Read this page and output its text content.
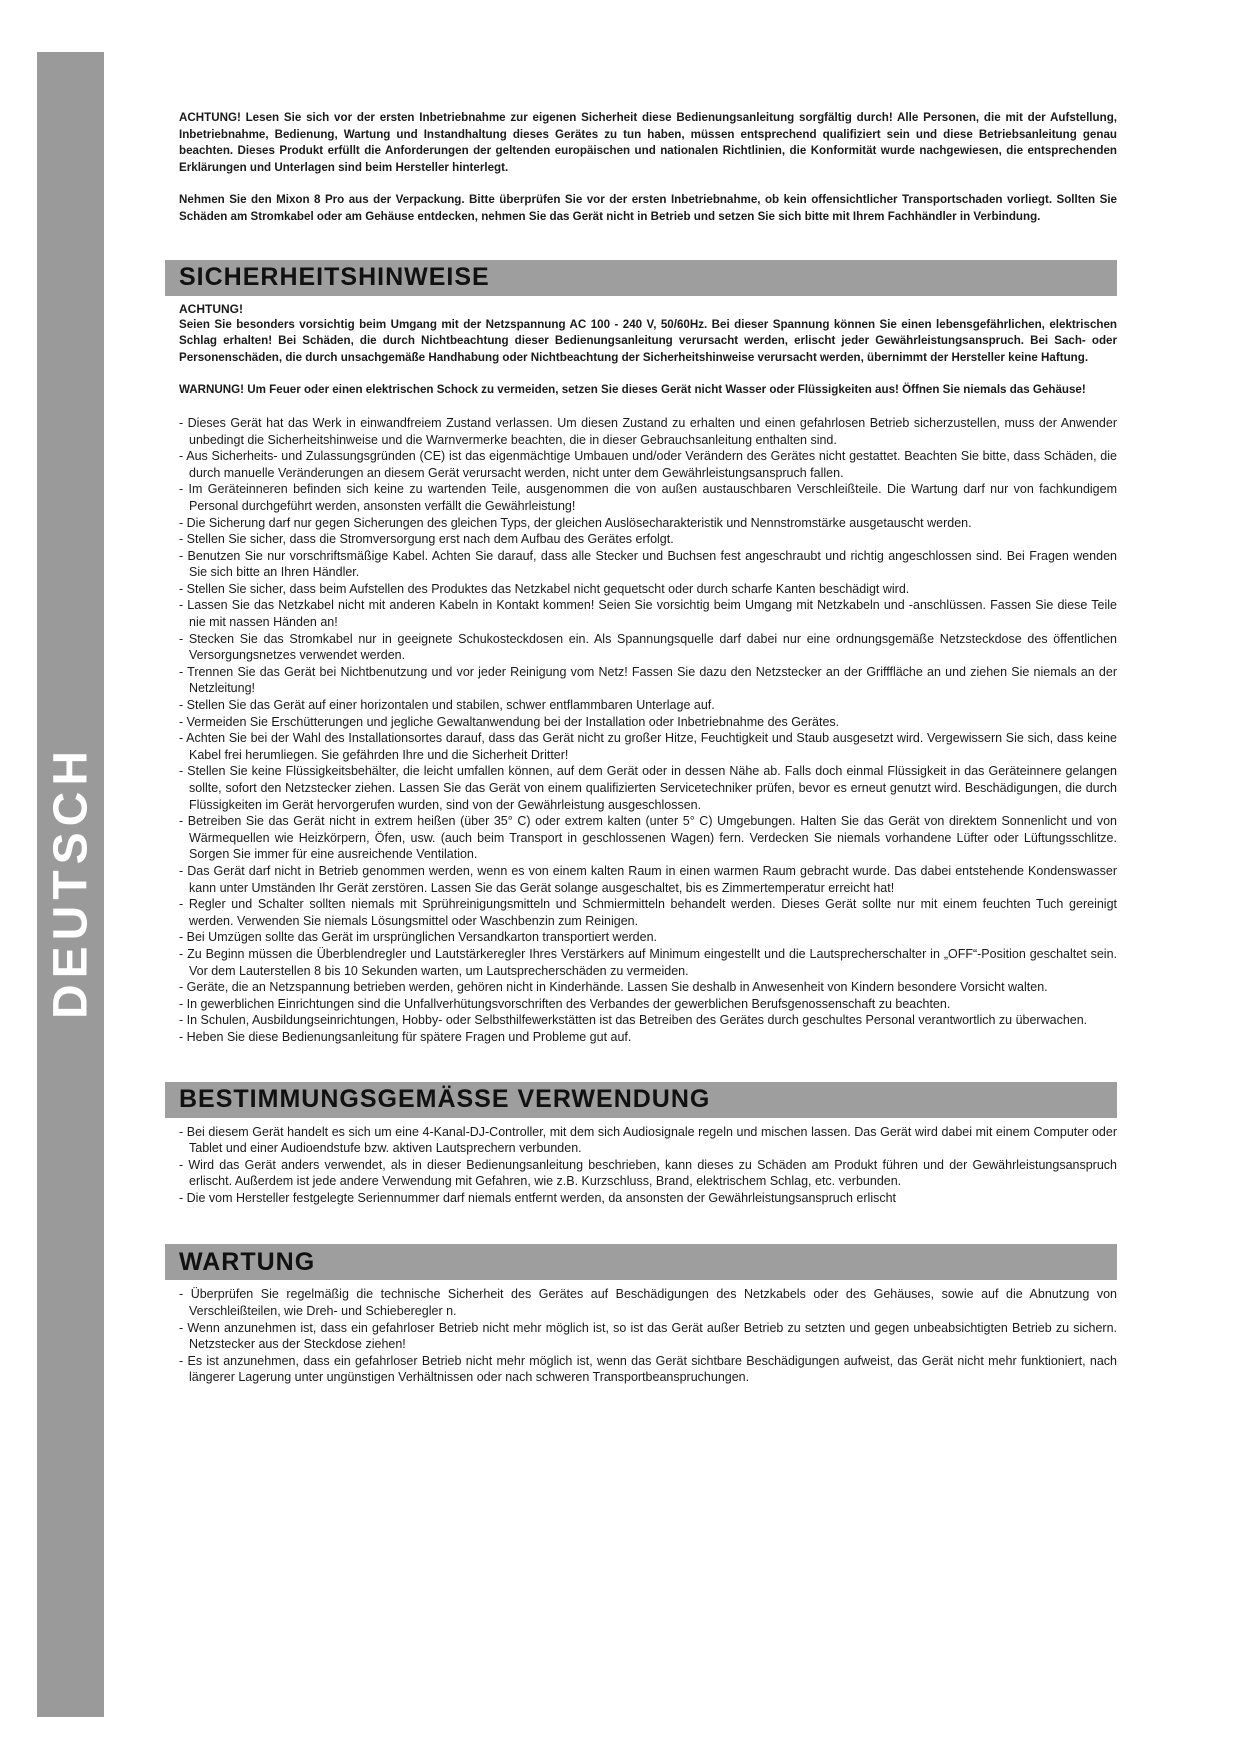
14
DEUTSCH

ACHTUNG! Lesen Sie sich vor der ersten Inbetriebnahme zur eigenen Sicherheit diese Bedienungsanleitung sorgfältig durch! Alle Personen, die mit der Aufstellung, Inbetriebnahme, Bedienung, Wartung und Instandhaltung dieses Gerätes zu tun haben, müssen entsprechend qualifiziert sein und diese Betriebsanleitung genau beachten. Dieses Produkt erfüllt die Anforderungen der geltenden europäischen und nationalen Richtlinien, die Konformität wurde nachgewiesen, die entsprechenden Erklärungen und Unterlagen sind beim Hersteller hinterlegt.

Nehmen Sie den Mixon 8 Pro aus der Verpackung. Bitte überprüfen Sie vor der ersten Inbetriebnahme, ob kein offensichtlicher Transportschaden vorliegt. Sollten Sie Schäden am Stromkabel oder am Gehäuse entdecken, nehmen Sie das Gerät nicht in Betrieb und setzen Sie sich bitte mit Ihrem Fachhändler in Verbindung.

SICHERHEITSHINWEISE
ACHTUNG!

Seien Sie besonders vorsichtig beim Umgang mit der Netzspannung AC 100 - 240 V, 50/60Hz. Bei dieser Spannung können Sie einen lebensgefährlichen, elektrischen Schlag erhalten! Bei Schäden, die durch Nichtbeachtung dieser Bedienungsanleitung verursacht werden, erlischt jeder Gewährleistungsanspruch. Bei Sach- oder Personenschäden, die durch unsachgemäße Handhabung oder Nichtbeachtung der Sicherheitshinweise verursacht werden, übernimmt der Hersteller keine Haftung.

WARNUNG! Um Feuer oder einen elektrischen Schock zu vermeiden, setzen Sie dieses Gerät nicht Wasser oder Flüssigkeiten aus! Öffnen Sie niemals das Gehäuse!

- Dieses Gerät hat das Werk in einwandfreiem Zustand verlassen. Um diesen Zustand zu erhalten und einen gefahrlosen Betrieb sicherzustellen, muss der Anwender unbedingt die Sicherheitshinweise und die Warnvermerke beachten, die in dieser Gebrauchsanleitung enthalten sind.
- Aus Sicherheits- und Zulassungsgründen (CE) ist das eigenmächtige Umbauen und/oder Verändern des Gerätes nicht gestattet. Beachten Sie bitte, dass Schäden, die durch manuelle Veränderungen an diesem Gerät verursacht werden, nicht unter dem Gewährleistungsanspruch fallen.
- Im Geräteinneren befinden sich keine zu wartenden Teile, ausgenommen die von außen austauschbaren Verschleißteile. Die Wartung darf nur von fachkundigem Personal durchgeführt werden, ansonsten verfällt die Gewährleistung!
- Die Sicherung darf nur gegen Sicherungen des gleichen Typs, der gleichen Auslösecharakteristik und Nennstromstärke ausgetauscht werden.
- Stellen Sie sicher, dass die Stromversorgung erst nach dem Aufbau des Gerätes erfolgt.
- Benutzen Sie nur vorschriftsmäßige Kabel. Achten Sie darauf, dass alle Stecker und Buchsen fest angeschraubt und richtig angeschlossen sind. Bei Fragen wenden Sie sich bitte an Ihren Händler.
- Stellen Sie sicher, dass beim Aufstellen des Produktes das Netzkabel nicht gequetscht oder durch scharfe Kanten beschädigt wird.
- Lassen Sie das Netzkabel nicht mit anderen Kabeln in Kontakt kommen! Seien Sie vorsichtig beim Umgang mit Netzkabeln und -anschlüssen. Fassen Sie diese Teile nie mit nassen Händen an!
- Stecken Sie das Stromkabel nur in geeignete Schukosteckdosen ein. Als Spannungsquelle darf dabei nur eine ordnungsgemäße Netzsteckdose des öffentlichen Versorgungsnetzes verwendet werden.
- Trennen Sie das Gerät bei Nichtbenutzung und vor jeder Reinigung vom Netz! Fassen Sie dazu den Netzstecker an der Grifffläche an und ziehen Sie niemals an der Netzleitung!
- Stellen Sie das Gerät auf einer horizontalen und stabilen, schwer entflammbaren Unterlage auf.
- Vermeiden Sie Erschütterungen und jegliche Gewaltanwendung bei der Installation oder Inbetriebnahme des Gerätes.
- Achten Sie bei der Wahl des Installationsortes darauf, dass das Gerät nicht zu großer Hitze, Feuchtigkeit und Staub ausgesetzt wird. Vergewissern Sie sich, dass keine Kabel frei herumliegen. Sie gefährden Ihre und die Sicherheit Dritter!
- Stellen Sie keine Flüssigkeitsbehälter, die leicht umfallen können, auf dem Gerät oder in dessen Nähe ab. Falls doch einmal Flüssigkeit in das Geräteinnere gelangen sollte, sofort den Netzstecker ziehen. Lassen Sie das Gerät von einem qualifizierten Servicetechniker prüfen, bevor es erneut genutzt wird. Beschädigungen, die durch Flüssigkeiten im Gerät hervorgerufen wurden, sind von der Gewährleistung ausgeschlossen.
- Betreiben Sie das Gerät nicht in extrem heißen (über 35° C) oder extrem kalten (unter 5° C) Umgebungen. Halten Sie das Gerät von direktem Sonnenlicht und von Wärmequellen wie Heizkörpern, Öfen, usw. (auch beim Transport in geschlossenen Wagen) fern. Verdecken Sie niemals vorhandene Lüfter oder Lüftungsschlitze. Sorgen Sie immer für eine ausreichende Ventilation.
- Das Gerät darf nicht in Betrieb genommen werden, wenn es von einem kalten Raum in einen warmen Raum gebracht wurde. Das dabei entstehende Kondenswasser kann unter Umständen Ihr Gerät zerstören. Lassen Sie das Gerät solange ausgeschaltet, bis es Zimmertemperatur erreicht hat!
- Regler und Schalter sollten niemals mit Sprühreinigungsmitteln und Schmiermitteln behandelt werden. Dieses Gerät sollte nur mit einem feuchten Tuch gereinigt werden. Verwenden Sie niemals Lösungsmittel oder Waschbenzin zum Reinigen.
- Bei Umzügen sollte das Gerät im ursprünglichen Versandkarton transportiert werden.
- Zu Beginn müssen die Überblendregler und Lautstärkeregler Ihres Verstärkers auf Minimum eingestellt und die Lautsprecherschalter in „OFF“-Position geschaltet sein. Vor dem Lauterstellen 8 bis 10 Sekunden warten, um Lautsprecherschäden zu vermeiden.
- Geräte, die an Netzspannung betrieben werden, gehören nicht in Kinderhände. Lassen Sie deshalb in Anwesenheit von Kindern besondere Vorsicht walten.
- In gewerblichen Einrichtungen sind die Unfallverhütungsvorschriften des Verbandes der gewerblichen Berufsgenossenschaft zu beachten.
- In Schulen, Ausbildungseinrichtungen, Hobby- oder Selbsthilfewerkstätten ist das Betreiben des Gerätes durch geschultes Personal verantwortlich zu überwachen.
- Heben Sie diese Bedienungsanleitung für spätere Fragen und Probleme gut auf.
BESTIMMUNGSGEMÄSSE VERWENDUNG
- Bei diesem Gerät handelt es sich um eine 4-Kanal-DJ-Controller, mit dem sich Audiosignale regeln und mischen lassen. Das Gerät wird dabei mit einem Computer oder Tablet und einer Audioendstufe bzw. aktiven Lautsprechern verbunden.
- Wird das Gerät anders verwendet, als in dieser Bedienungsanleitung beschrieben, kann dieses zu Schäden am Produkt führen und der Gewährleistungsanspruch erlischt. Außerdem ist jede andere Verwendung mit Gefahren, wie z.B. Kurzschluss, Brand, elektrischem Schlag, etc. verbunden.
- Die vom Hersteller festgelegte Seriennummer darf niemals entfernt werden, da ansonsten der Gewährleistungsanspruch erlischt
WARTUNG
- Überprüfen Sie regelmäßig die technische Sicherheit des Gerätes auf Beschädigungen des Netzkabels oder des Gehäuses, sowie auf die Abnutzung von Verschleißteilen, wie Dreh- und Schieberegler n.
- Wenn anzunehmen ist, dass ein gefahrloser Betrieb nicht mehr möglich ist, so ist das Gerät außer Betrieb zu setzten und gegen unbeabsichtigten Betrieb zu sichern. Netzstecker aus der Steckdose ziehen!
- Es ist anzunehmen, dass ein gefahrloser Betrieb nicht mehr möglich ist, wenn das Gerät sichtbare Beschädigungen aufweist, das Gerät nicht mehr funktioniert, nach längerer Lagerung unter ungünstigen Verhältnissen oder nach schweren Transportbeanspruchungen.
